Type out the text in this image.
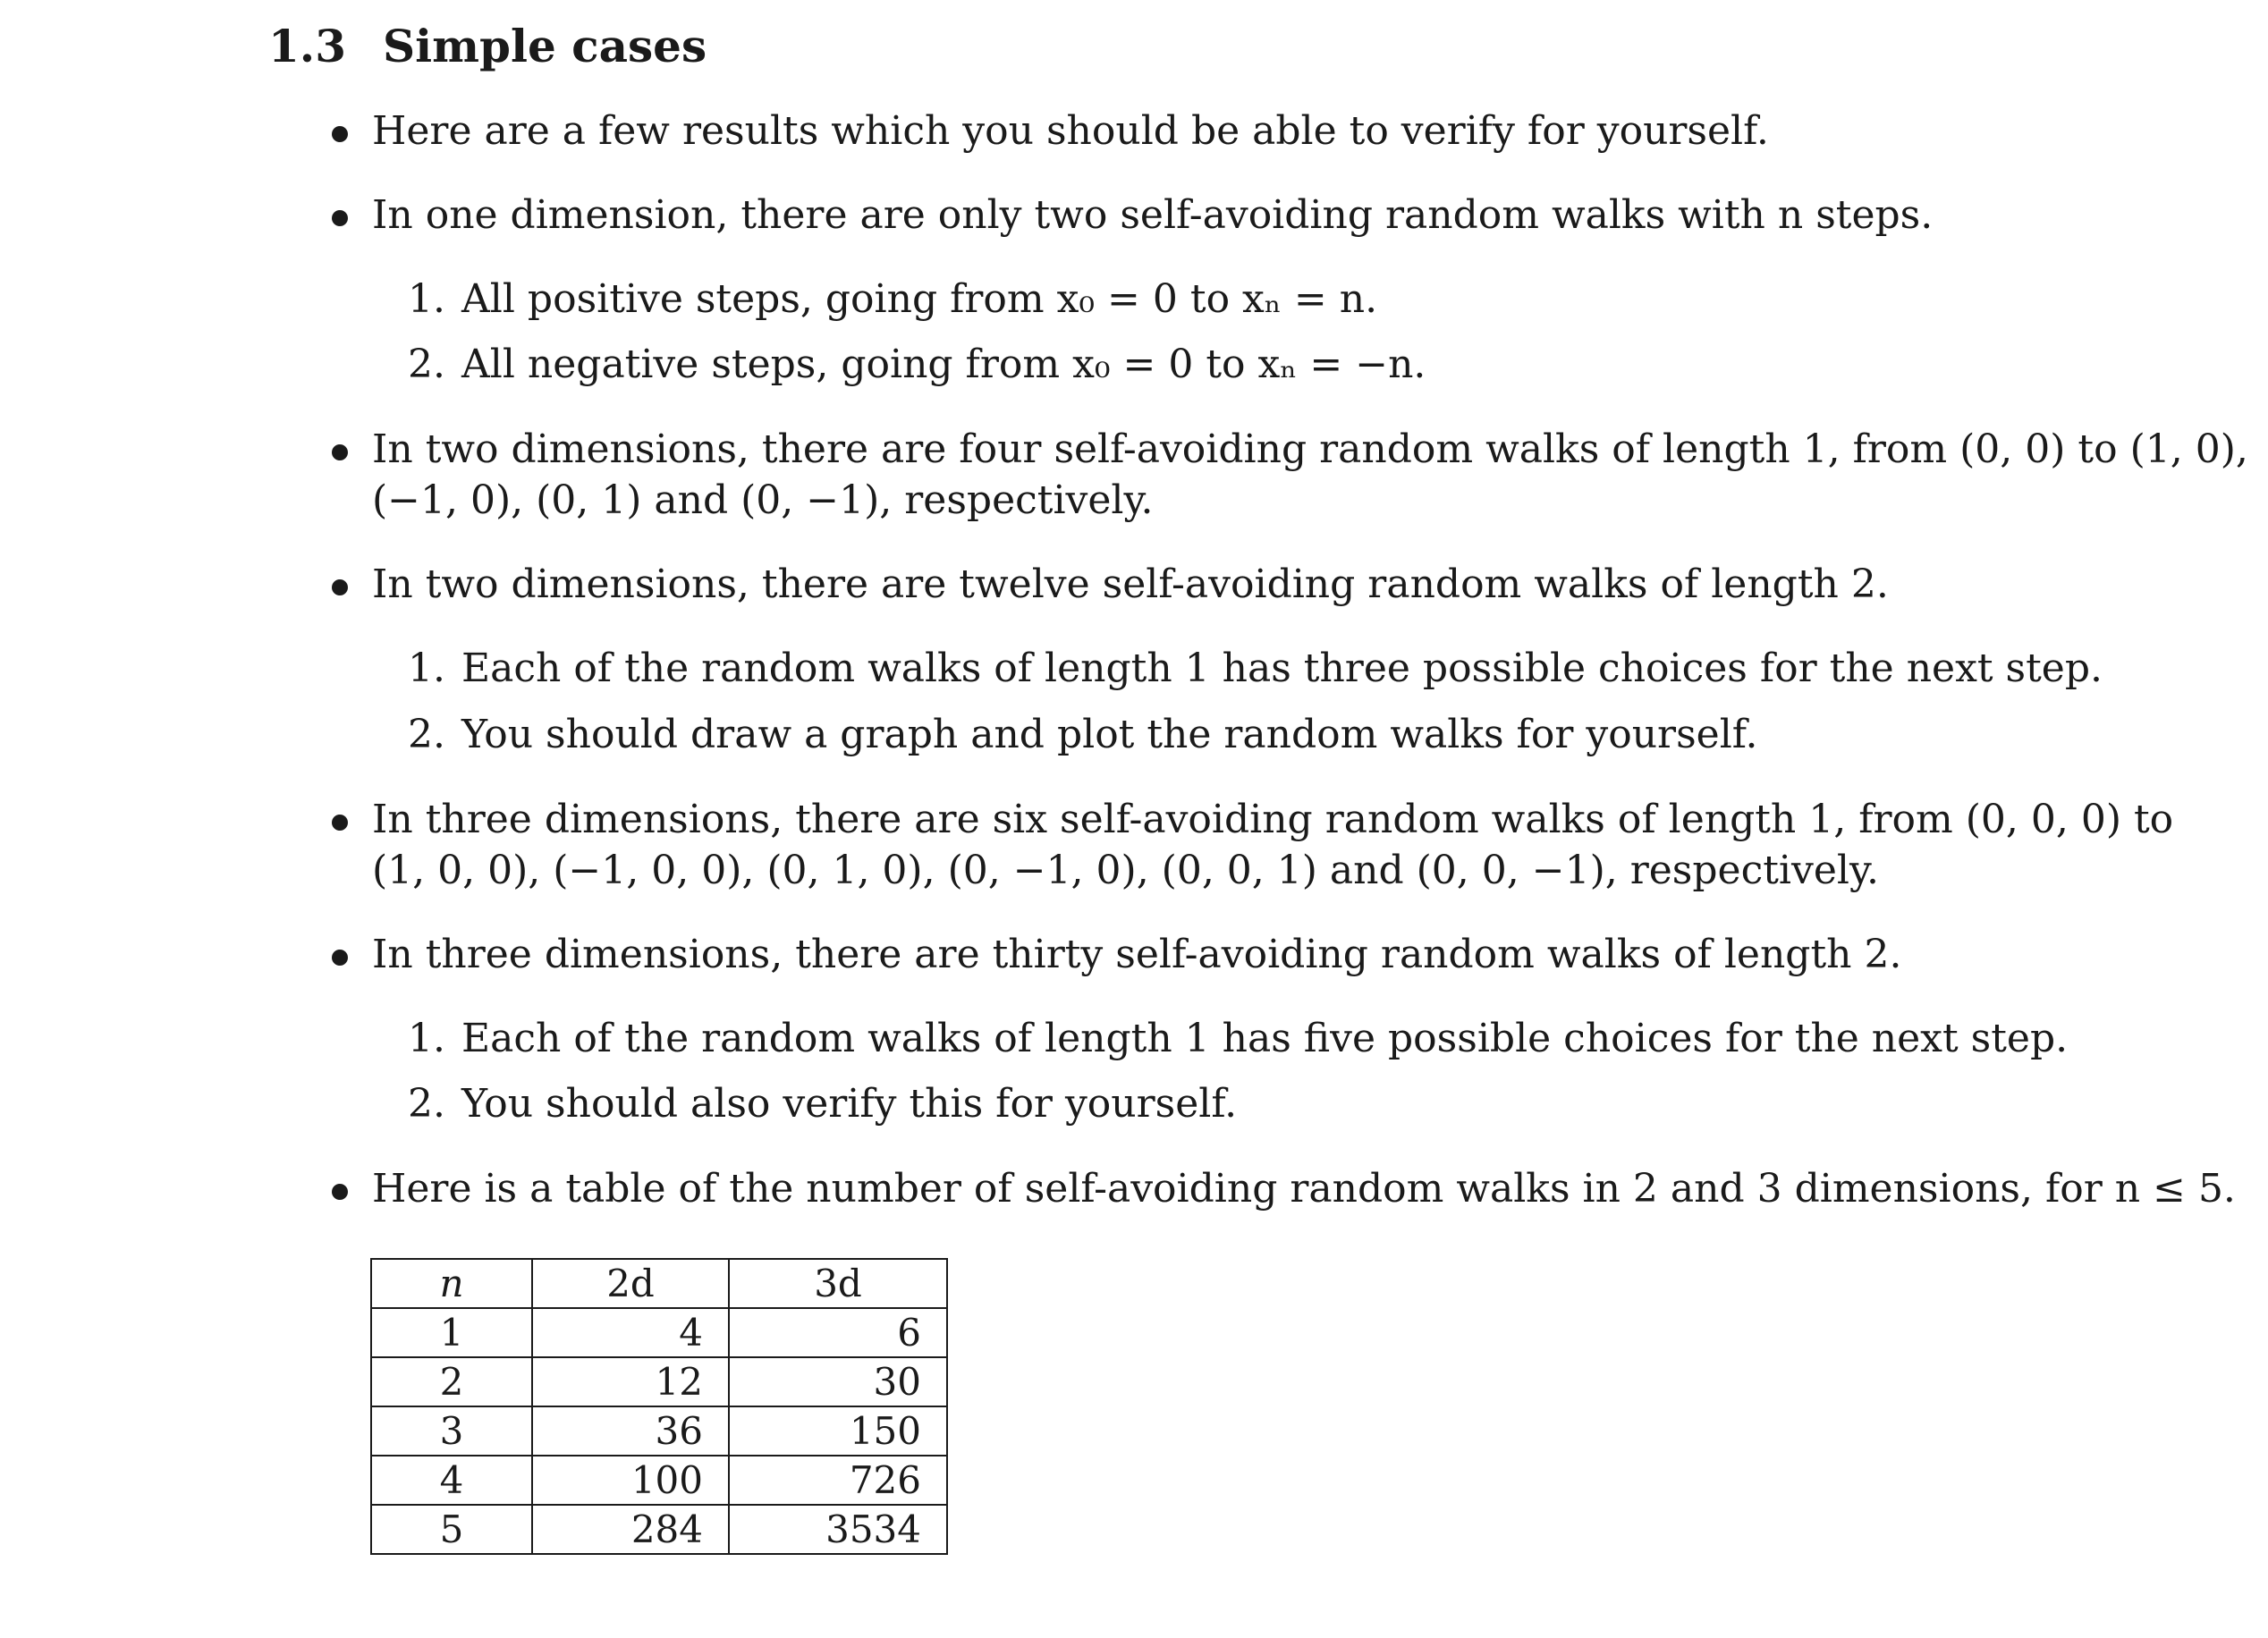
1.3 Simple cases
Here are a few results which you should be able to verify for yourself.
In one dimension, there are only two self-avoiding random walks with n steps.
1. All positive steps, going from x₀ = 0 to xₙ = n.
2. All negative steps, going from x₀ = 0 to xₙ = −n.
In two dimensions, there are four self-avoiding random walks of length 1, from (0, 0) to (1, 0),
(−1, 0), (0, 1) and (0, −1), respectively.
In two dimensions, there are twelve self-avoiding random walks of length 2.
1. Each of the random walks of length 1 has three possible choices for the next step.
2. You should draw a graph and plot the random walks for yourself.
In three dimensions, there are six self-avoiding random walks of length 1, from (0, 0, 0) to
(1, 0, 0), (−1, 0, 0), (0, 1, 0), (0, −1, 0), (0, 0, 1) and (0, 0, −1), respectively.
In three dimensions, there are thirty self-avoiding random walks of length 2.
1. Each of the random walks of length 1 has five possible choices for the next step.
2. You should also verify this for yourself.
Here is a table of the number of self-avoiding random walks in 2 and 3 dimensions, for n ≤ 5.
n	2d	3d
1	4	6
2	12	30
3	36	150
4	100	726
5	284	3534
